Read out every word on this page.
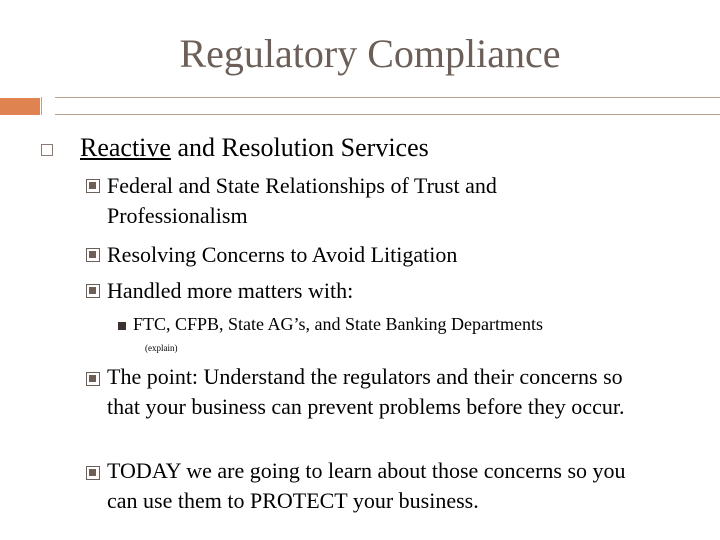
Regulatory Compliance
Reactive and Resolution Services
Federal and State Relationships of Trust and
Professionalism
Resolving Concerns to Avoid Litigation
Handled more matters with:
FTC, CFPB, State AG’s, and State Banking Departments
(explain)
The point: Understand the regulators and their concerns so
that your business can prevent problems before they occur.
TODAY we are going to learn about those concerns so you
can use them to PROTECT your business.
